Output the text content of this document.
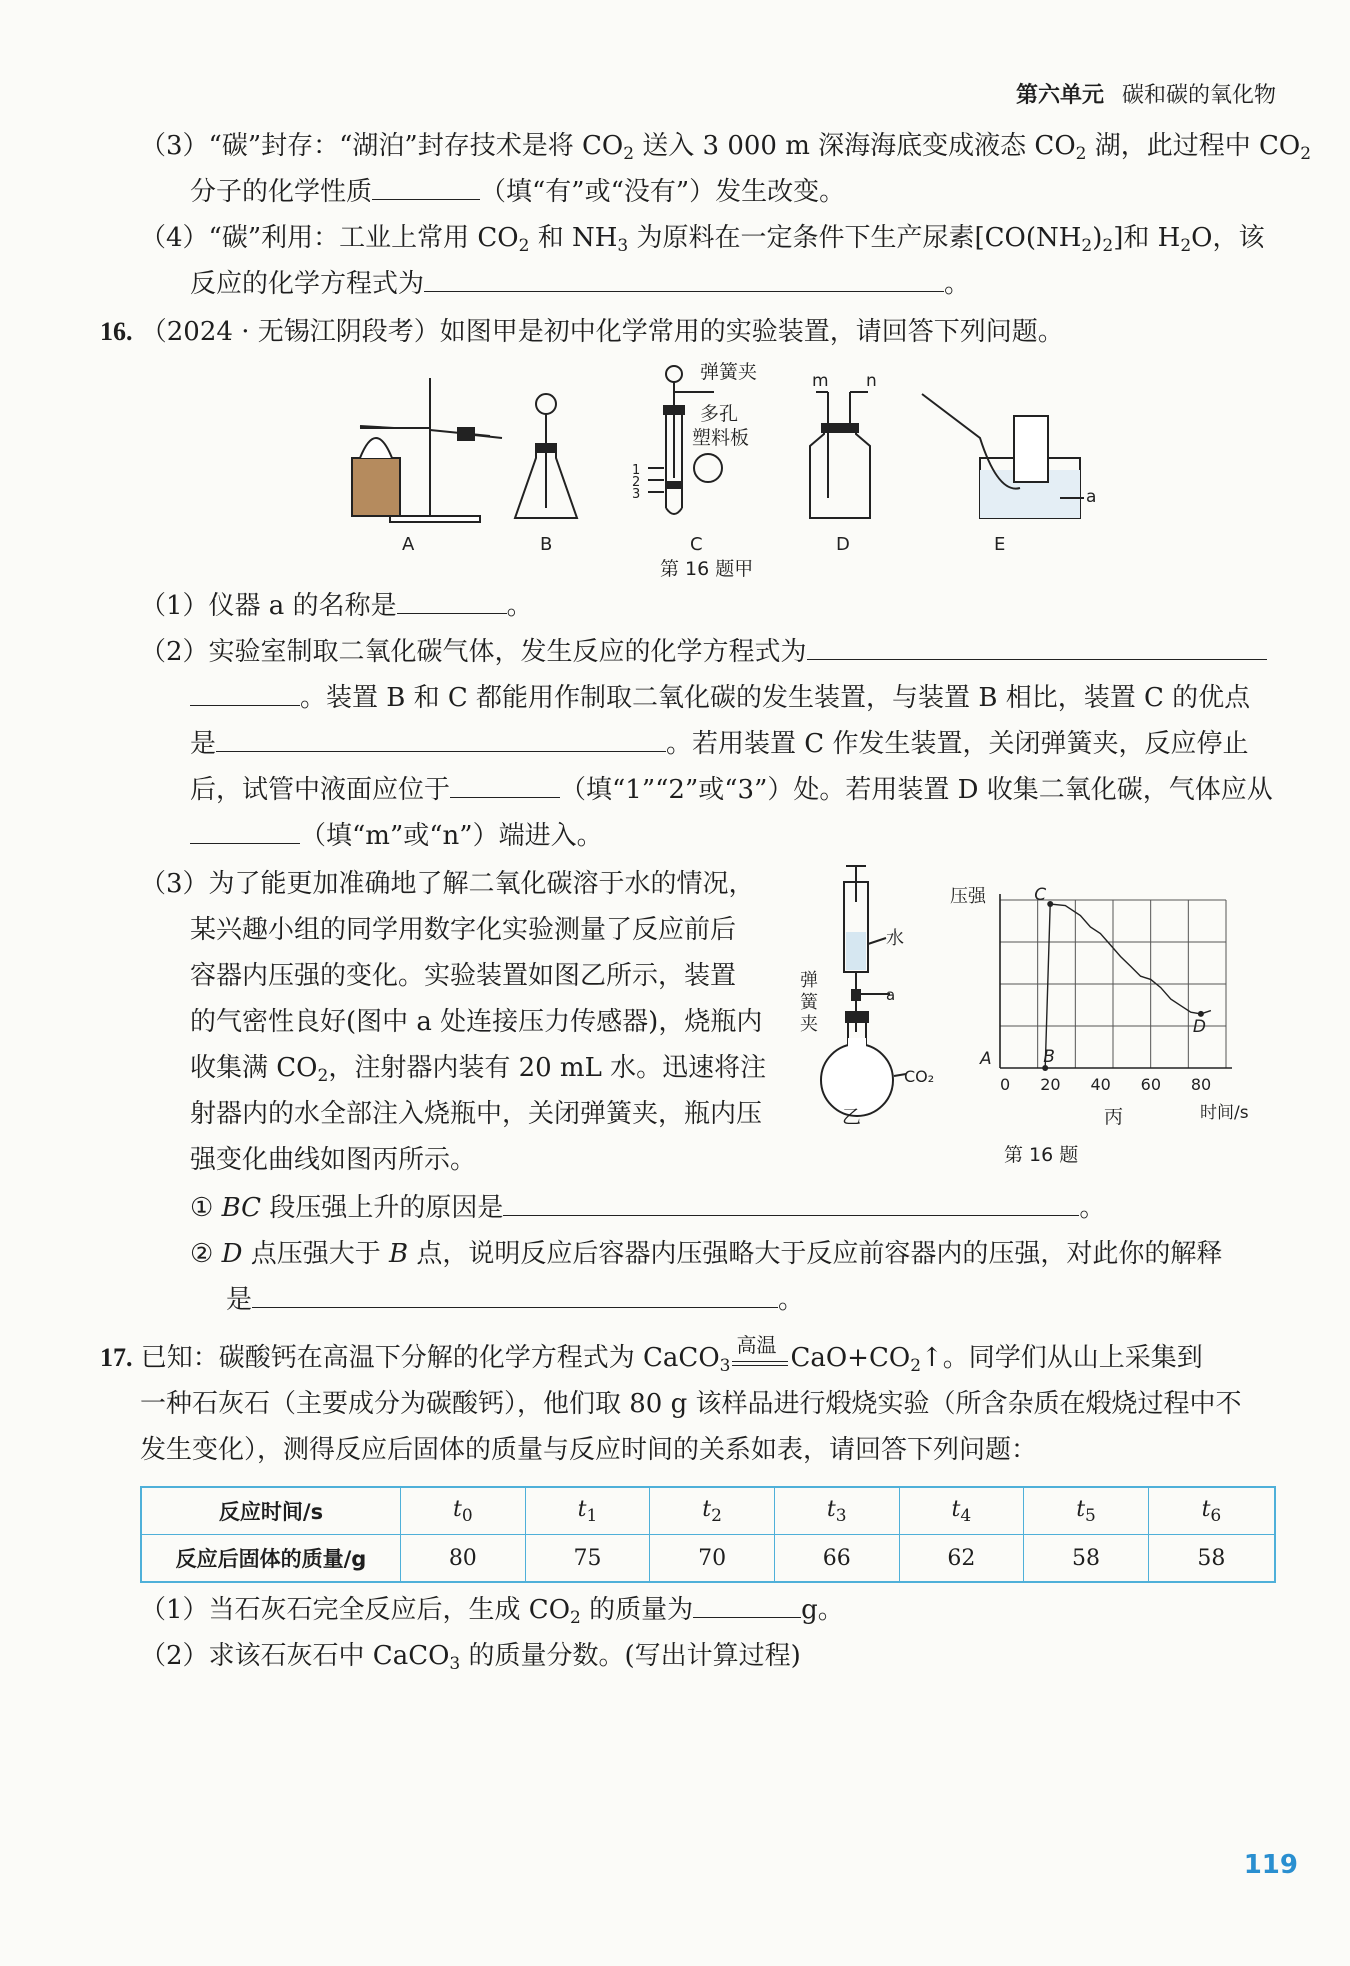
第六单元 碳和碳的氧化物
（3）“碳”封存：“湖泊”封存技术是将 $CO_2$ 送入 3 000 m 深海海底变成液态 $CO_2$ 湖，此过程中 $CO_2$
分子的化学性质	（填“有”或“没有”）发生改变。
（4）“碳”利用：工业上常用 $CO_2$ 和 $NH_3$ 为原料在一定条件下生产尿素$[CO(NH_2)_2]$和 $H_2O$，该
反应的化学方程式为	。
16. （2024 · 无锡江阴段考）如图甲是初中化学常用的实验装置，请回答下列问题。
1
2
3
弹簧夹
多孔
塑料板
m n
a
A	B	C	D	E
第 16 题甲
（1）仪器 a 的名称是	。
（2）实验室制取二氧化碳气体，发生反应的化学方程式为
。装置 B 和 C 都能用作制取二氧化碳的发生装置，与装置 B 相比，装置 C 的优点
是	。若用装置 C 作发生装置，关闭弹簧夹，反应停止
后，试管中液面应位于	（填“1”“2”或“3”）处。若用装置 D 收集二氧化碳，气体应从
（填“m”或“n”）端进入。
（3）为了能更加准确地了解二氧化碳溶于水的情况，
某兴趣小组的同学用数字化实验测量了反应前后
容器内压强的变化。实验装置如图乙所示，装置
的气密性良好(图中 a 处连接压力传感器)，烧瓶内
收集满 $CO_2$，注射器内装有 20 mL 水。迅速将注
射器内的水全部注入烧瓶中，关闭弹簧夹，瓶内压
强变化曲线如图丙所示。
a
水
弹
簧
夹
CO₂
乙
压强
时间/s
0 20 40 60 80
A	B
C
D
丙
第 16 题
① BC 段压强上升的原因是	。
② D 点压强大于 B 点，说明反应后容器内压强略大于反应前容器内的压强，对此你的解释
是	。
17. 已知：碳酸钙在高温下分解的化学方程式为 CaCO$_3$
高温 $CaO+CO_2↑$。同学们从山上采集到
一种石灰石（主要成分为碳酸钙），他们取 80 g 该样品进行煅烧实验（所含杂质在煅烧过程中不
发生变化），测得反应后固体的质量与反应时间的关系如表，请回答下列问题：
反应时间/s	$t_0$	$t_1$	$t_2$	$t_3$	$t_4$	$t_5$	$t_6$
反应后固体的质量/g	80	75	70	66	62	58	58
（1）当石灰石完全反应后，生成 $CO_2$ 的质量为	g。
（2）求该石灰石中 CaCO$_3$ 的质量分数。(写出计算过程)
119
